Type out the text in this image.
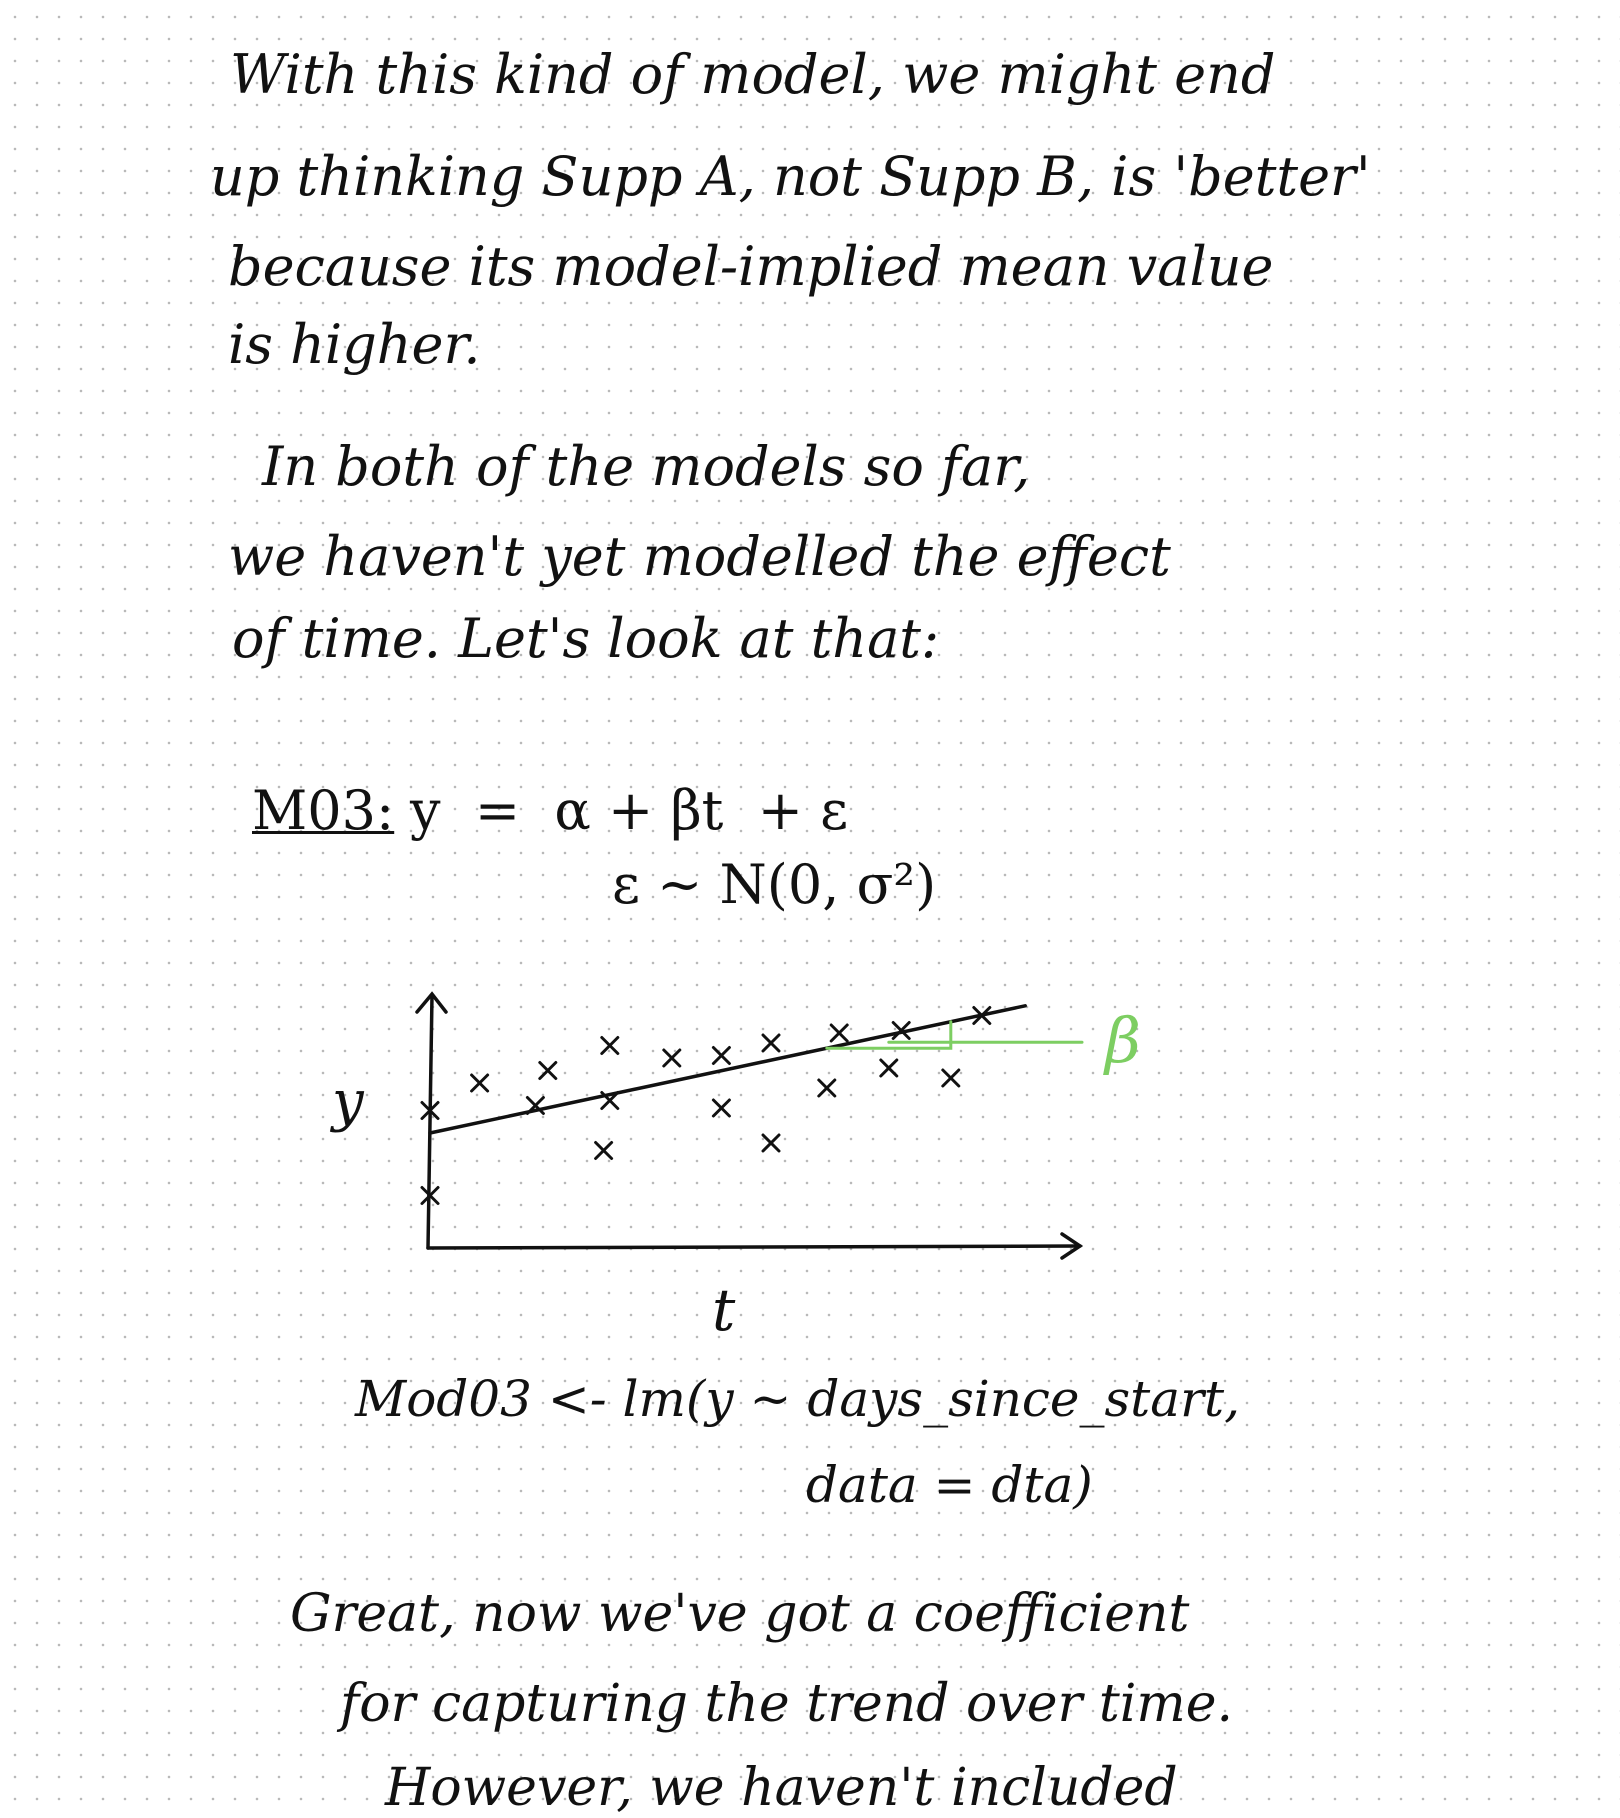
With this kind of model, we might end

up thinking Supp A, not Supp B, is 'better'

because its model-implied mean value

is higher.

In both of the models so far,

we haven't yet modelled the effect

of time. Let's look at that:

M03: y  =  α + βt  + ε

ε ~ N(0, σ²)

y
t
β

Mod03 <- lm(y ~ days_since_start,

data = dta)

Great, now we've got a coefficient

for capturing the trend over time.

However, we haven't included
